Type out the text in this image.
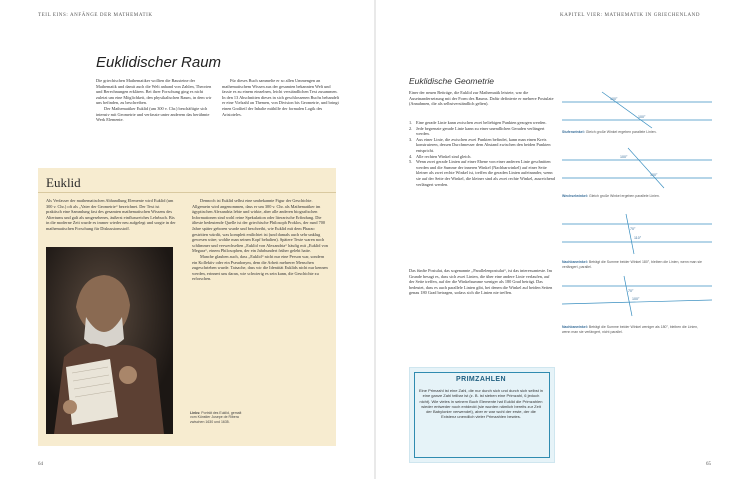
TEIL EINS: ANFÄNGE DER MATHEMATIK	KAPITEL VIER: MATHEMATIK IN GRIECHENLAND
Euklidischer Raum

Die griechischen Mathematiker wollten die Bausteine der Mathematik und damit auch die Welt anhand von Zahlen, Theorien und Berechnungen erklären. Bei ihrer Forschung ging es nicht zuletzt um eine Möglichkeit, den physikalischen Raum, in dem wir uns befinden, zu beschreiben.

Der Mathematiker Euklid (um 300 v. Chr.) beschäftigte sich intensiv mit Geometrie und verfasste unter anderem das berühmte Werk Elemente.

Für dieses Buch sammelte er so allen Ummengen an mathematischem Wissen aus der gesamten bekannten Welt und fasste es zu einem einzelnen, leicht verständlichen Text zusammen. In den 13 Abschnitten dieses in sich geschlossenen Buchs behandelt er eine Vielzahl an Themen, von Division bis Geometrie, und bringt einen Großteil der Inhalte mithilfe der formalen Logik des Aristoteles.

Euklid
Als Verfasser der mathematischen Abhandlung Elemente wird Euklid (um 300 v. Chr.) oft als „Vater der Geometrie“ bezeichnet. Der Text ist praktisch eine Sammlung fast des gesamten mathematischen Wissens des Altertums und galt als umgesehenes, äußerst einflussreiches Lehrbuch. Bis in die moderne Zeit wurde es immer wieder neu aufgelegt und sorgte in der mathematischen Forschung für Diskussionsstoff.

Dennoch ist Euklid selbst eine umbekannte Figur der Geschichte. Allgemein wird angenommen, dass er um 300 v. Chr. als Mathematiker im ägyptischen Alexandria lebte und wirkte, aber alle anderen biografischen Informationen sind wohl reine Spekulation oder literarische Erfindung. Die älteste bedeutende Quelle ist der griechische Philosoph Proklos, der rund 700 Jahre später geboren wurde und beschreibt, wie Euklid mit dem Pharao gestritten würdit, was komplett entlichtet ist (und damals auch sehr unklug gewesen wäre; wohlte man seinen Kopf behalten). Spätere Texte waren noch schlimmer und verwechselten „Euklid von Alexandria“ häufig mit „Euklid von Megara“, einem Philosophen, der ein Jahrhundert früher gelebt hatte.

Manche glauben auch, dass „Euklid“ nicht nur eine Person war, sondern ein Kollektiv oder ein Pseudonym, dem die Arbeit mehrerer Menschen zugeschrieben wurde. Tatsache, dass wir die Identität Euklids nicht nur kennen werden, erinnert uns daran, wie schwierig es sein kann, die Geschichte zu erforschen.

Links: Porträt des Euklid, gemalt vom Künstler Jusepe de Ribera zwischen 1630 und 1635.
64	65
Euklidische Geometrie
Einer der neuen Beiträge, die Euklid zur Mathematik leistete, war die Auseinandersetzung mit der Form des Raums. Dafür definierte er mehrere Postulate (Annahmen, die als selbstverständlich gelten).
1. Eine gerade Linie kann zwischen zwei beliebigen Punkten gezogen werden.
2. Jede begrenzte gerade Linie kann zu einer unendlichen Geraden verlängert werden.
3. Aus einer Linie, die zwischen zwei Punkten befindet, kann man einen Kreis konstruieren, dessen Durchmesser dem Abstand zwischen den beiden Punkten entspricht.
4. Alle rechten Winkel sind gleich.
5. Wenn zwei gerade Linien auf einer Ebene von einer anderen Linie geschnitten werden und die Summe der inneren Winkel (Nachbarwinkel) auf einer Seite kleiner als zwei rechte Winkel ist, treffen die geraden Linien aufeinander, wenn sie auf der Seite der Winkel, die kleiner sind als zwei rechte Winkel, ausreichend verlängert werden.
Das fünfte Postulat, das sogenannte „Parallelenpostulat“, ist das interessanteste. Im Grunde besagt es, dass sich zwei Linien, die über eine andere Linie verlaufen, auf der Seite treffen, auf der die Winkelsumme weniger als 180 Grad beträgt. Das bedeutet, dass es auch parallele Linien gibt, bei denen die Winkel auf beiden Seiten genau 180 Grad betragen, sodass sich die Linien nie treffen.
100°
100°
100°
100°
70°
110°
70°
100°
Stufenwinkel: Gleich große Winkel ergeben parallele Linien.
Wechselwinkel: Gleich große Winkel ergeben parallele Linien.
Nachbarwinkel: Beträgt die Summe beider Winkel 180°, bleiben die Linien, wenn man sie verlängert, parallel.
Nachbarwinkel: Beträgt die Summe beider Winkel weniger als 180°, bleiben die Linien, wenn man sie verlängert, nicht parallel.
PRIMZAHLEN
Eine Primzahl ist eine Zahl, die nur durch sich und durch sich selbst in eine ganze Zahl teilbar ist (z. B. ist sieben eine Primzahl, 6 jedoch nicht). Wie vieles in seinem Buch Elemente hat Euklid die Primzahlen wieder entweder noch entdeckt (sie wurden nämlich bereits zur Zeit der Babylonier verwendet), aber er war wohl der erste, der die Existenz unendlich vieler Primzahlen bewies.
